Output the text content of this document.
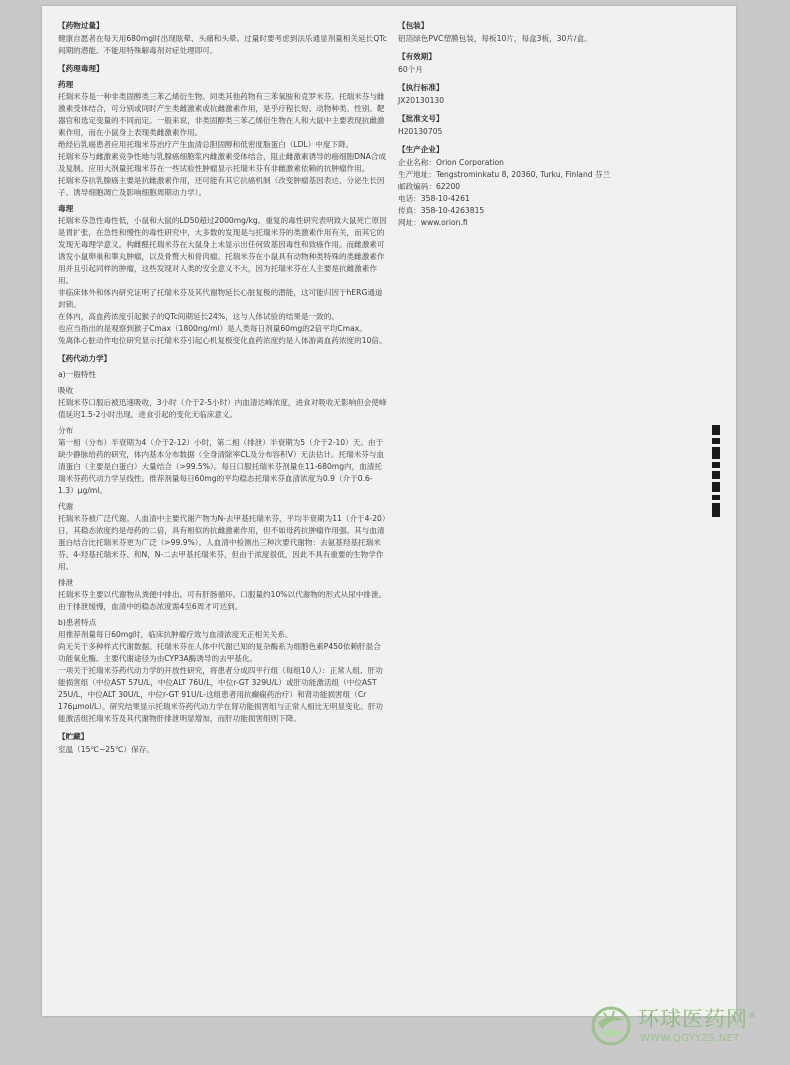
【药物过量】

健康自愿者在每天用680mg时出现眩晕、头痛和头晕。过量时要考虑到法乐通显剂量相关延长QTc间期的潜能。不能用特殊解毒剂对症处理即可。

【药理毒理】
药理

托瑞米芬是一种非类固醇类三苯乙烯衍生物。同类其他药物有三苯氧胺和克罗米芬。托瑞米芬与雌激素受体结合，可分别或同时产生类雌激素或抗雌激素作用，是乎疗程长短、动物种类、性别、靶器官和选定变量的不同而定。一般来说，非类固醇类三苯乙烯衍生物在人和大鼠中主要表现抗雌激素作用，而在小鼠身上表现类雌激素作用。

绝经后乳癌患者应用托瑞米芬治疗产生血清总胆固醇和低密度脂蛋白（LDL）中度下降。

托瑞米芬与雌激素竞争性地与乳腺癌细胞浆内雌激素受体结合，阻止雌激素诱导的癌细胞DNA合成及复制。应用大剂量托瑞米芬在一些试验性肿瘤显示托瑞米芬有非雌激素依赖的抗肿瘤作用。

托瑞米芬抗乳腺癌主要是抗雌激素作用，还可能有其它抗癌机制（改变肿瘤基因表达、分泌生长因子、诱导细胞凋亡及影响细胞周期动力学）。

毒理

托瑞米芬急性毒性低，小鼠和大鼠的LD50超过2000mg/kg。重复的毒性研究表明致大鼠死亡原因是胃扩张，在急性和慢性的毒性研究中，大多数的发现是与托瑞米芬的类激素作用有关，而其它的发现无毒理学意义。构雌醛托瑞米芬在大鼠身上未显示出任何致基因毒性和致癌作用。而雌激素可诱发小鼠卵巢和睾丸肿瘤，以及骨赘大和骨肉瘤。托瑞米芬在小鼠具有动物种类特殊的类雌激素作用并且引起同样的肿瘤，这些发现对人类的安全意义不大，因为托瑞米芬在人主要是抗雌激素作用。

非临床体外和体内研究证明了托瑞米芬及其代谢物延长心脏复极的潜能，这可能归因于hERG通道封锁。

在体内，高血药浓度引起猴子的QTc间期延长24%，这与人体试验的结果是一致的。

也应当指出的是观察到猴子Cmax（1800ng/ml）是人类每日剂量60mg的2倍平均Cmax。

兔离体心脏动作电位研究显示托瑞米芬引起心机复极变化血药浓度约是人体游离血药浓度的10倍。

【药代动力学】
a)一般特性
吸收

托瑞米芬口服后被迅速吸收，3小时（介于2-5小时）内血清达峰浓度，进食对吸收无影响但会使峰值延迟1.5-2小时出现，进食引起的变化无临床意义。

分布

第一相（分布）半衰期为4（介于2-12）小时，第二相（排泄）半衰期为5（介于2-10）天。由于缺少静脉给药的研究，体内基本分布数据（全身清除率CL及分布容积V）无法估计。托瑞米芬与血清蛋白（主要是白蛋白）大量结合（>99.5%）。每日口服托瑞米芬剂量在11-680mg内，血清托瑞米芬药代动力学呈线性。推荐剂量每日60mg的平均稳态托瑞米芬血清浓度为0.9（介于0.6-1.3）μg/ml。

代谢

托瑞米芬被广泛代谢。人血清中主要代谢产物为N-去甲基托瑞米芬，平均半衰期为11（介于4-20）日，其稳态浓度约是母药的二倍，具有相似的抗雌激素作用，但不如母药抗肿瘤作用强。其与血清蛋白结合比托瑞米芬更为广泛（>99.9%）。人血清中检测出三种次要代谢物：去氨基羟基托瑞米芬、4-羟基托瑞米芬、和N，N-二去甲基托瑞米芬，但由于浓度很低，因此不具有重要的生物学作用。

排泄

托瑞米芬主要以代谢物从粪便中排出。可有肝肠循环。口服量约10%以代谢物的形式从尿中排泄。由于排泄缓慢，血清中的稳态浓度需4至6周才可达到。

b)患者特点

用推荐剂量每日60mg时，临床抗肿瘤疗效与血清浓度无正相关关系。

尚无关于多种样式代谢数据。托瑞米芬在人体中代谢已知的复杂酶系为细胞色素P450依赖肝混合功能氧化酶。主要代谢途径为由CYP3A酶诱导的去甲基化。

一项关于托瑞米芬药代动力学的开放性研究，将患者分成四平行组（每组10人）：正常人组、肝功能损害组（中位AST 57U/L，中位ALT 76U/L，中位r-GT 329U/L）或肝功能激活组（中位AST 25U/L，中位ALT 30U/L，中位r-GT 91U/L-这组患者用抗癫痫药治疗）和肾功能损害组（Cr 176μmol/L）。研究结果显示托瑞米芬药代动力学在肾功能损害组与正常人相比无明显变化。肝功能激活组托瑞米芬及其代谢物肝排泄明显增加，而肝功能损害组则下降。

【贮藏】

室温（15℃~25℃）保存。

【包装】

铝箔绿色PVC塑膜包装，每板10片，每盒3板，30片/盒。

【有效期】

60个月

【执行标准】

JX20130130

【批准文号】

H20130705

【生产企业】
企业名称：Orion Corporation
生产地址：Tengstrominkatu 8, 20360, Turku, Finland 芬兰
邮政编码：62200
电话：358-10-4261
传真：358-10-4263815
网址：www.orion.fi
环球医药网®
WWW.QGYYZS.NET
